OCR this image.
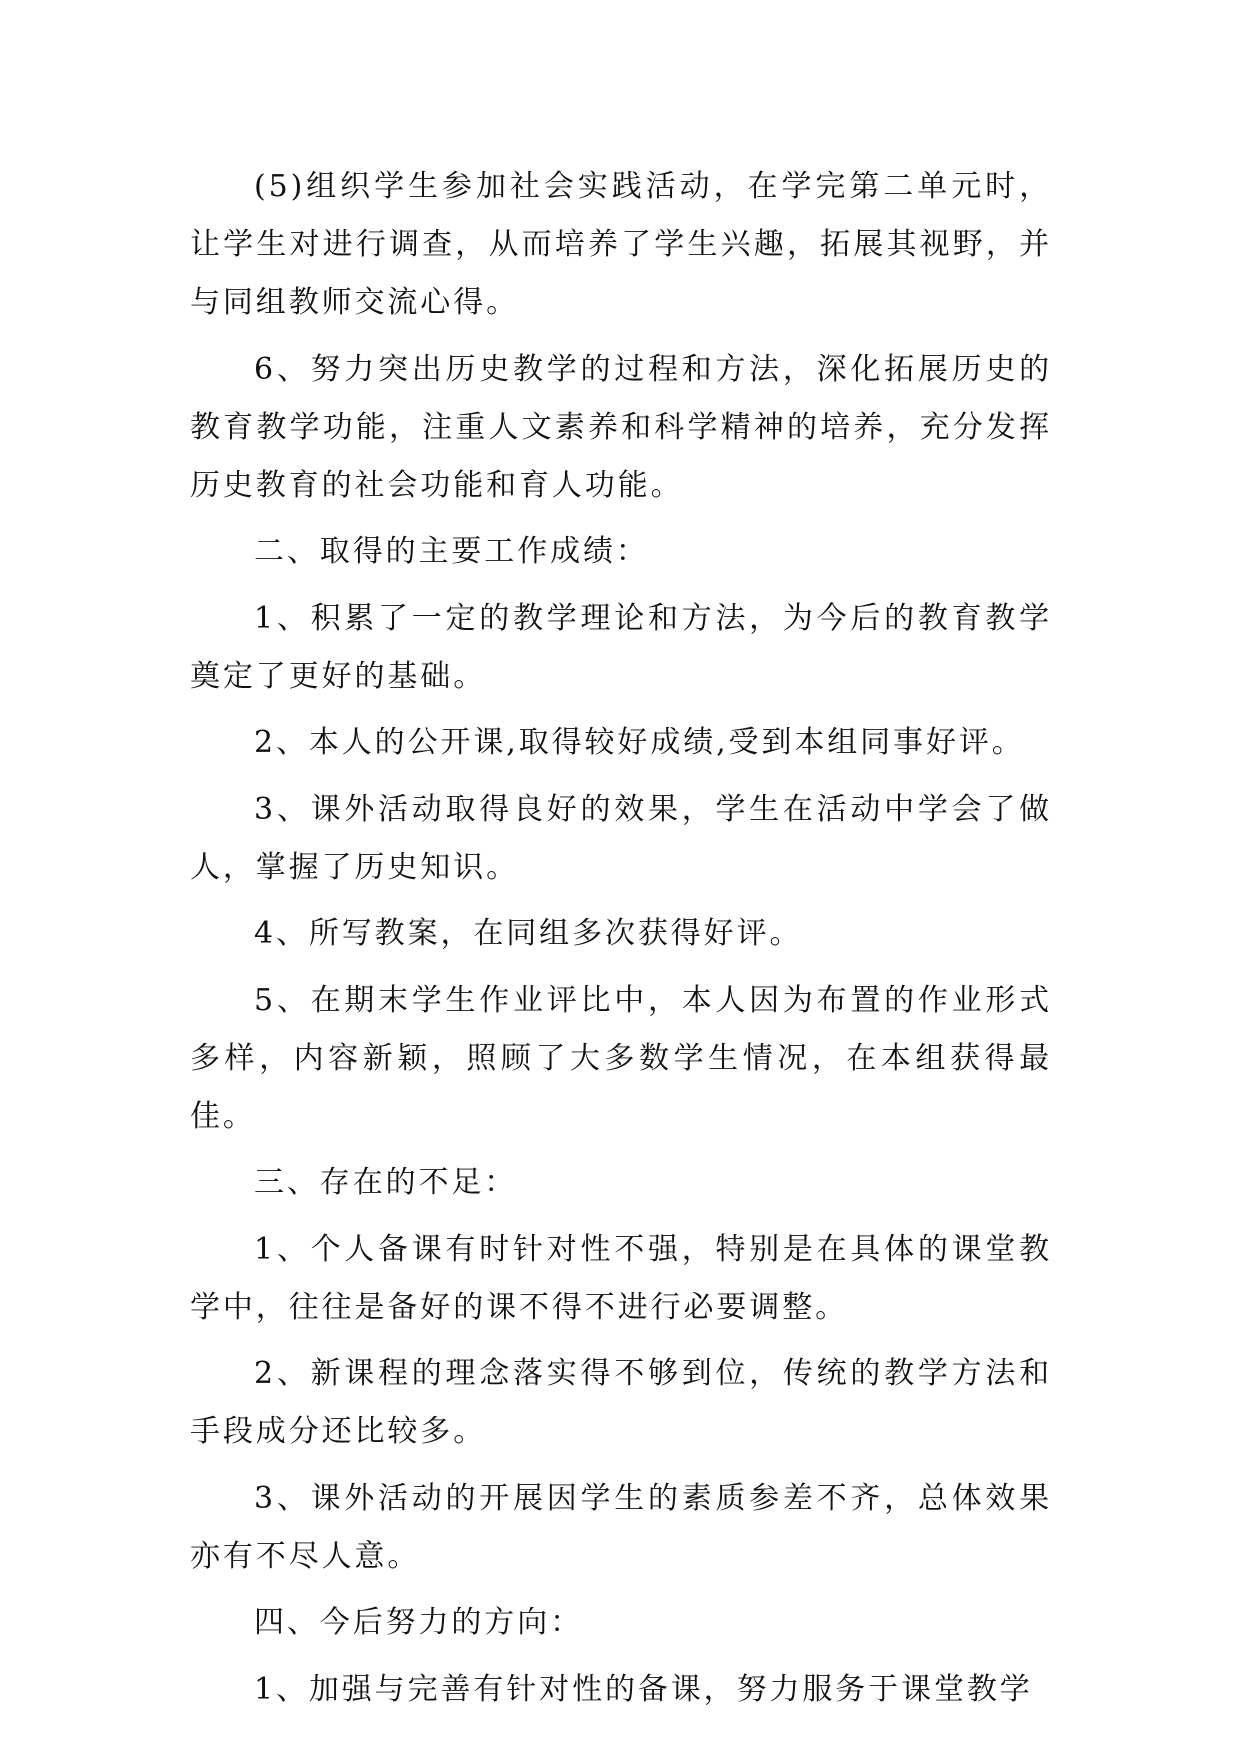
(5)组织学生参加社会实践活动，在学完第二单元时，让学生对进行调查，从而培养了学生兴趣，拓展其视野，并与同组教师交流心得。

6、努力突出历史教学的过程和方法，深化拓展历史的教育教学功能，注重人文素养和科学精神的培养，充分发挥历史教育的社会功能和育人功能。

二、取得的主要工作成绩：

1、积累了一定的教学理论和方法，为今后的教育教学奠定了更好的基础。

2、本人的公开课,取得较好成绩,受到本组同事好评。

3、课外活动取得良好的效果，学生在活动中学会了做人，掌握了历史知识。

4、所写教案，在同组多次获得好评。

5、在期末学生作业评比中，本人因为布置的作业形式多样，内容新颖，照顾了大多数学生情况，在本组获得最佳。

三、存在的不足：

1、个人备课有时针对性不强，特别是在具体的课堂教学中，往往是备好的课不得不进行必要调整。

2、新课程的理念落实得不够到位，传统的教学方法和手段成分还比较多。

3、课外活动的开展因学生的素质参差不齐，总体效果亦有不尽人意。

四、今后努力的方向：

1、加强与完善有针对性的备课，努力服务于课堂教学
